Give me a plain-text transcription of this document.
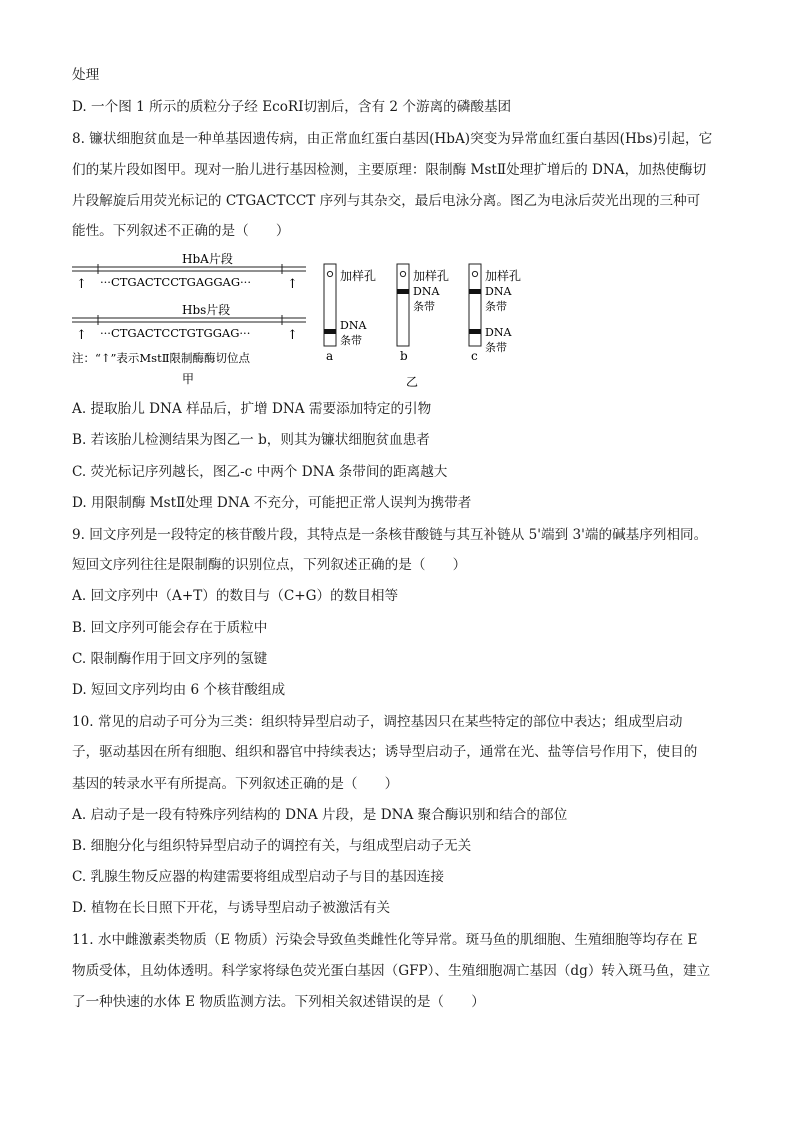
处理
D. 一个图 1 所示的质粒分子经 EcoRⅠ切割后，含有 2 个游离的磷酸基团
8. 镰状细胞贫血是一种单基因遗传病，由正常血红蛋白基因(HbA)突变为异常血红蛋白基因(Hbs)引起，它
们的某片段如图甲。现对一胎儿进行基因检测，主要原理：限制酶 MstⅡ处理扩增后的 DNA，加热使酶切
片段解旋后用荧光标记的 CTGACTCCT 序列与其杂交，最后电泳分离。图乙为电泳后荧光出现的三种可
能性。下列叙述不正确的是（　　）
HbA片段
···CTGACTCCTGAGGAG···
↑	↑
Hbs片段
···CTGACTCCTGTGGAG···
↑	↑
注：“↑”表示MstⅡ限制酶酶切位点
甲
加样孔
DNA
条带
a
加样孔
DNA
条带
b
加样孔
DNA
条带
DNA
条带
c
乙
A. 提取胎儿 DNA 样品后，扩增 DNA 需要添加特定的引物
B. 若该胎儿检测结果为图乙一 b，则其为镰状细胞贫血患者
C. 荧光标记序列越长，图乙-c 中两个 DNA 条带间的距离越大
D. 用限制酶 MstⅡ处理 DNA 不充分，可能把正常人误判为携带者
9. 回文序列是一段特定的核苷酸片段，其特点是一条核苷酸链与其互补链从 5'端到 3'端的碱基序列相同。
短回文序列往往是限制酶的识别位点，下列叙述正确的是（　　）
A. 回文序列中（A+T）的数目与（C+G）的数目相等
B. 回文序列可能会存在于质粒中
C. 限制酶作用于回文序列的氢键
D. 短回文序列均由 6 个核苷酸组成
10. 常见的启动子可分为三类：组织特异型启动子，调控基因只在某些特定的部位中表达；组成型启动
子，驱动基因在所有细胞、组织和器官中持续表达；诱导型启动子，通常在光、盐等信号作用下，使目的
基因的转录水平有所提高。下列叙述正确的是（　　）
A. 启动子是一段有特殊序列结构的 DNA 片段，是 DNA 聚合酶识别和结合的部位
B. 细胞分化与组织特异型启动子的调控有关，与组成型启动子无关
C. 乳腺生物反应器的构建需要将组成型启动子与目的基因连接
D. 植物在长日照下开花，与诱导型启动子被激活有关
11. 水中雌激素类物质（E 物质）污染会导致鱼类雌性化等异常。斑马鱼的肌细胞、生殖细胞等均存在 E
物质受体，且幼体透明。科学家将绿色荧光蛋白基因（GFP）、生殖细胞凋亡基因（dg）转入斑马鱼，建立
了一种快速的水体 E 物质监测方法。下列相关叙述错误的是（　　）
